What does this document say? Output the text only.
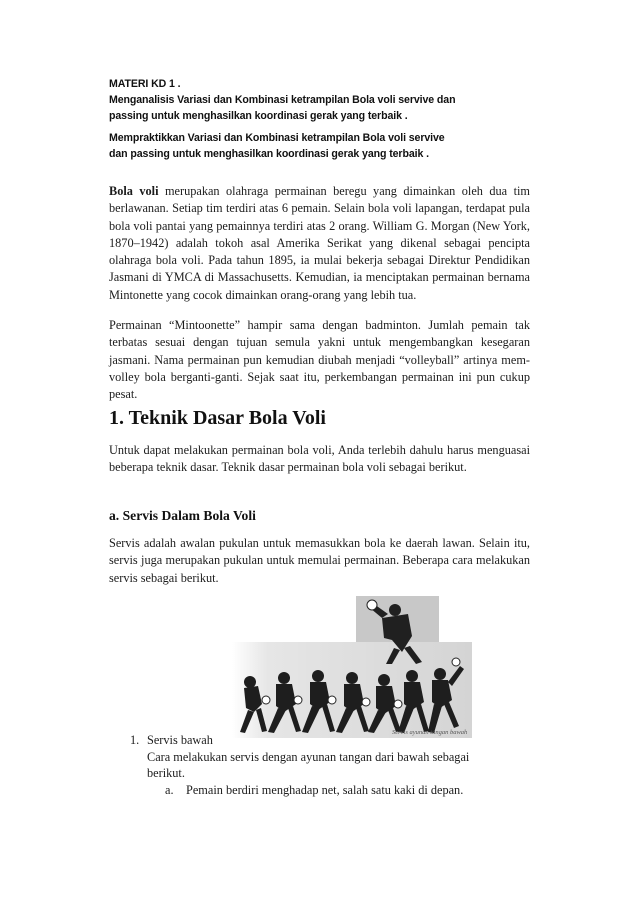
MATERI KD 1 .
Menganalisis Variasi dan Kombinasi ketrampilan Bola voli servive dan
passing untuk menghasilkan koordinasi gerak yang terbaik .
Mempraktikkan Variasi dan Kombinasi ketrampilan Bola voli servive
dan passing untuk menghasilkan koordinasi gerak yang terbaik .
Bola voli merupakan olahraga permainan beregu yang dimainkan oleh dua tim berlawanan. Setiap tim terdiri atas 6 pemain. Selain bola voli lapangan, terdapat pula bola voli pantai yang pemainnya terdiri atas 2 orang. William G. Morgan (New York, 1870–1942) adalah tokoh asal Amerika Serikat yang dikenal sebagai pencipta olahraga bola voli. Pada tahun 1895, ia mulai bekerja sebagai Direktur Pendidikan Jasmani di YMCA di Massachusetts. Kemudian, ia menciptakan permainan bernama Mintonette yang cocok dimainkan orang-orang yang lebih tua.
Permainan “Mintoonette” hampir sama dengan badminton. Jumlah pemain tak terbatas sesuai dengan tujuan semula yakni untuk mengembangkan kesegaran jasmani. Nama permainan pun kemudian diubah menjadi “volleyball” artinya mem-volley bola berganti-ganti. Sejak saat itu, perkembangan permainan ini pun cukup pesat.
1. Teknik Dasar Bola Voli
Untuk dapat melakukan permainan bola voli, Anda terlebih dahulu harus menguasai beberapa teknik dasar. Teknik dasar permainan bola voli sebagai berikut.
a. Servis Dalam Bola Voli
Servis adalah awalan pukulan untuk memasukkan bola ke daerah lawan. Selain itu, servis juga merupakan pukulan untuk memulai permainan. Beberapa cara melakukan servis sebagai berikut.
Servis ayunan tangan bawah
1. Servis bawah
Cara melakukan servis dengan ayunan tangan dari bawah sebagai
berikut.
a. Pemain berdiri menghadap net, salah satu kaki di depan.
